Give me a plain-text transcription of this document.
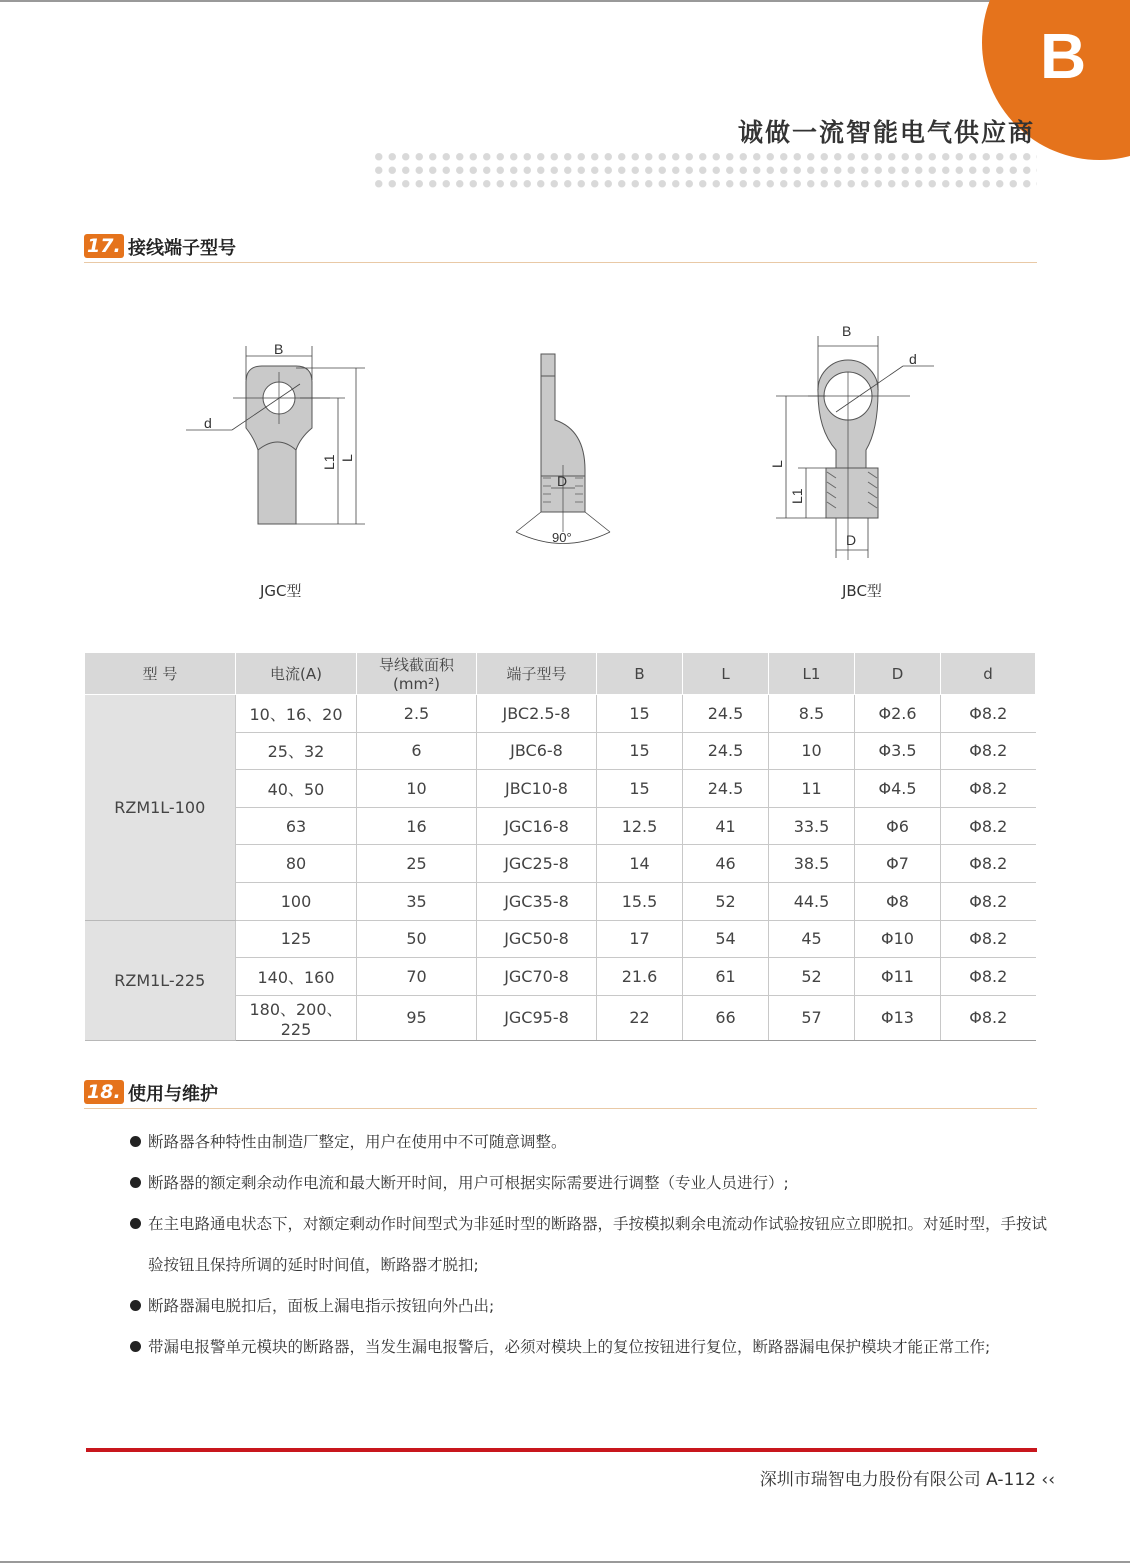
B
诚做一流智能电气供应商
17. 接线端子型号
B
d
L1 L
D
90°
B
d
L
L1
D
JGC型	JBC型
型 号	电流(A)	导线截面积(mm²)	端子型号	B	L	L1	D	d
RZM1L-100	10、16、20	2.5	JBC2.5-8	15	24.5	8.5	Φ2.6	Φ8.2
	25、32	6	JBC6-8	15	24.5	10	Φ3.5	Φ8.2
	40、50	10	JBC10-8	15	24.5	11	Φ4.5	Φ8.2
	63	16	JGC16-8	12.5	41	33.5	Φ6	Φ8.2
	80	25	JGC25-8	14	46	38.5	Φ7	Φ8.2
	100	35	JGC35-8	15.5	52	44.5	Φ8	Φ8.2
RZM1L-225	125	50	JGC50-8	17	54	45	Φ10	Φ8.2
	140、160	70	JGC70-8	21.6	61	52	Φ11	Φ8.2
	180、200、225	95	JGC95-8	22	66	57	Φ13	Φ8.2
18. 使用与维护
断路器各种特性由制造厂整定，用户在使用中不可随意调整。
断路器的额定剩余动作电流和最大断开时间，用户可根据实际需要进行调整（专业人员进行）;
在主电路通电状态下，对额定剩动作时间型式为非延时型的断路器，手按模拟剩余电流动作试验按钮应立即脱扣。对延时型，手按试验按钮且保持所调的延时时间值，断路器才脱扣;
断路器漏电脱扣后，面板上漏电指示按钮向外凸出;
带漏电报警单元模块的断路器，当发生漏电报警后，必须对模块上的复位按钮进行复位，断路器漏电保护模块才能正常工作;
深圳市瑞智电力股份有限公司 A-112 ‹‹
